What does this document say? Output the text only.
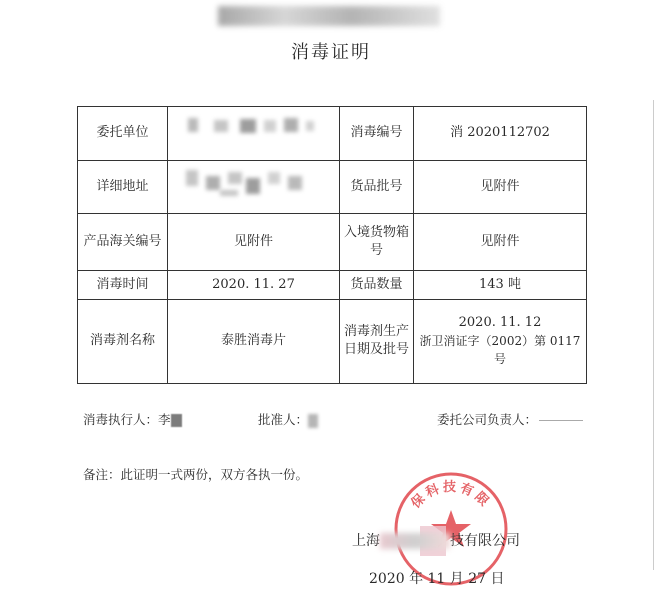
消毒证明
委托单位		消毒编号	消 2020112702
详细地址		货品批号	见附件
产品海关编号	见附件	入境货物箱号	见附件
消毒时间	2020. 11. 27	货品数量	143 吨
消毒剂名称	泰胜消毒片	消毒剂生产日期及批号	2020. 11. 12
浙卫消证字（2002）第 0117 号
消毒执行人：李	批准人：	委托公司负责人：
备注：此证明一式两份，双方各执一份。
保科技有限
上海	技有限公司
2020 年 11 月 27 日
